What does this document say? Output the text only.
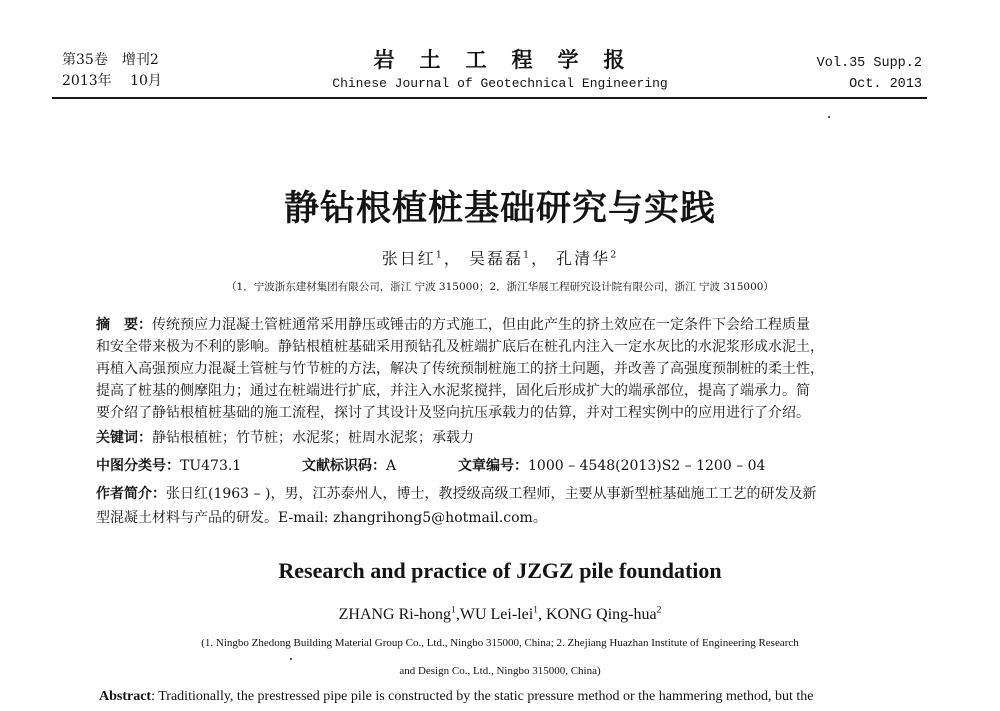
第35卷　增刊2
2013年　 10月
岩　土　工　程　学　报
Chinese Journal of Geotechnical Engineering
Vol.35 Supp.2
Oct. 2013
静钻根植桩基础研究与实践
张日红$^1$， 吴磊磊$^1$， 孔清华$^2$
（1．宁波浙东建材集团有限公司，浙江 宁波 315000；2．浙江华展工程研究设计院有限公司，浙江 宁波 315000）
摘　要：传统预应力混凝土管桩通常采用静压或锤击的方式施工，但由此产生的挤土效应在一定条件下会给工程质量
和安全带来极为不利的影响。静钻根植桩基础采用预钻孔及桩端扩底后在桩孔内注入一定水灰比的水泥浆形成水泥土，
再植入高强预应力混凝土管桩与竹节桩的方法，解决了传统预制桩施工的挤土问题，并改善了高强度预制桩的柔土性，
提高了桩基的侧摩阻力；通过在桩端进行扩底，并注入水泥浆搅拌，固化后形成扩大的端承部位，提高了端承力。简
要介绍了静钻根植桩基础的施工流程，探讨了其设计及竖向抗压承载力的估算，并对工程实例中的应用进行了介绍。
关键词：静钻根植桩；竹节桩；水泥浆；桩周水泥浆；承载力
中图分类号：TU473.1	文献标识码：A	文章编号：1000 – 4548(2013)S2 – 1200 – 04
作者简介：张日红(1963 – )，男，江苏泰州人，博士，教授级高级工程师，主要从事新型桩基础施工工艺的研发及新
型混凝土材料与产品的研发。E-mail: zhangrihong5@hotmail.com。
Research and practice of JZGZ pile foundation
ZHANG Ri-hong$^1$,WU Lei-lei$^1$, KONG Qing-hua$^2$
(1. Ningbo Zhedong Building Material Group Co., Ltd., Ningbo 315000, China; 2. Zhejiang Huazhan Institute of Engineering Research
and Design Co., Ltd., Ningbo 315000, China)
Abstract: Traditionally, the prestressed pipe pile is constructed by the static pressure method or the hammering method, but the
